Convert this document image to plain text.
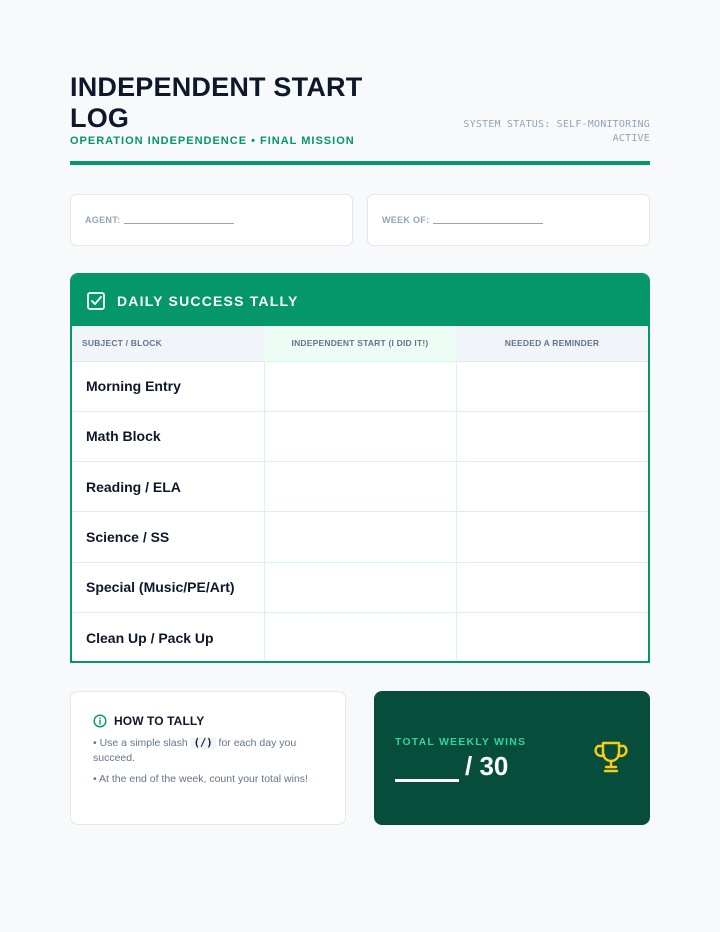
INDEPENDENT START LOG
OPERATION INDEPENDENCE • FINAL MISSION
SYSTEM STATUS: SELF-MONITORING ACTIVE
AGENT:	WEEK OF:
DAILY SUCCESS TALLY
SUBJECT / BLOCK	INDEPENDENT START (I DID IT!)	NEEDED A REMINDER
Morning Entry		
Math Block		
Reading / ELA		
Science / SS		
Special (Music/PE/Art)		
Clean Up / Pack Up		
HOW TO TALLY
• Use a simple slash (/) for each day you succeed.
• At the end of the week, count your total wins!
TOTAL WEEKLY WINS
/ 30
